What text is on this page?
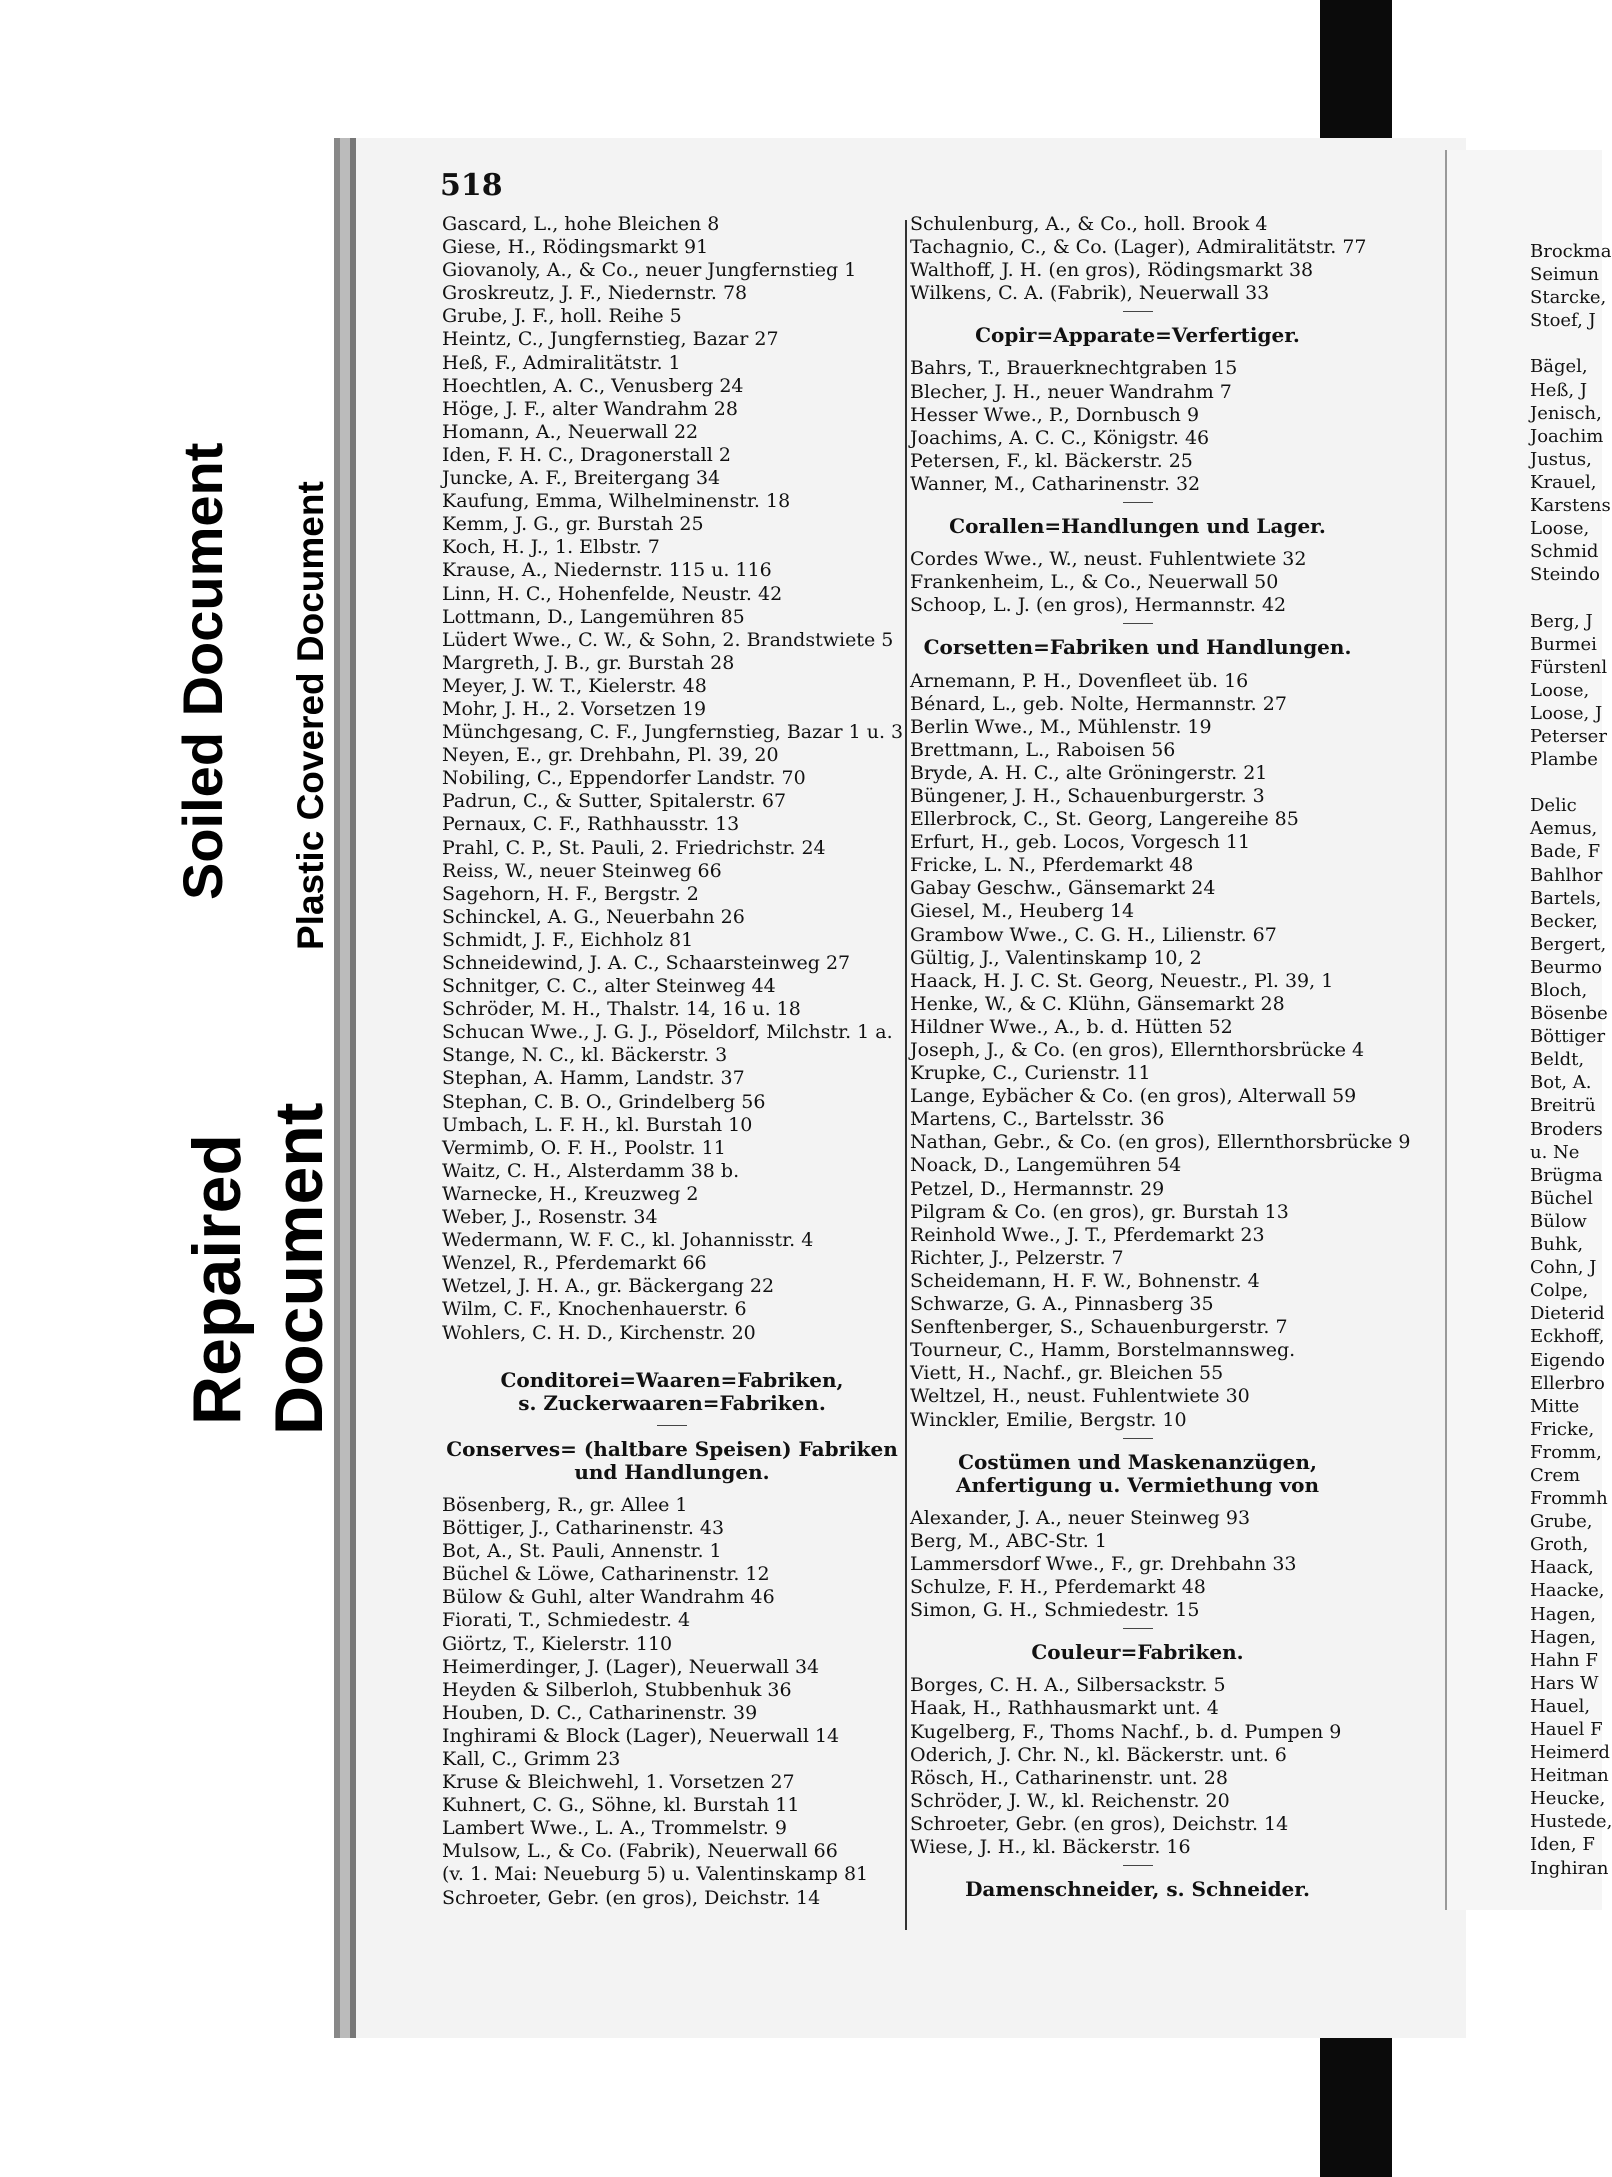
Soiled Document Plastic Covered Document
Repaired Document
Brockma
Seimun
Starcke,
Stoef, J

Bägel,
Heß, J
Jenisch,
Joachim
Justus,
Krauel,
Karstens
Loose,
Schmid
Steindo

Berg, J
Burmei
Fürstenl
Loose,
Loose, J
Peterser
Plambe

Delic
Aemus,
Bade, F
Bahlhor
Bartels,
Becker,
Bergert,
Beurmo
Bloch,
Bösenbe
Böttiger
Beldt,
Bot, A.
Breitrü
Broders
u. Ne
Brügma
Büchel
Bülow
Buhk,
Cohn, J
Colpe,
Dieterid
Eckhoff,
Eigendo
Ellerbro
Mitte
Fricke,
Fromm,
Crem
Frommh
Grube,
Groth,
Haack,
Haacke,
Hagen,
Hagen,
Hahn F
Hars W
Hauel,
Hauel F
Heimerd
Heitman
Heucke,
Hustede,
Iden, F
Inghiran
518
Gascard, L., hohe Bleichen 8
Giese, H., Rödingsmarkt 91
Giovanoly, A., & Co., neuer Jungfernstieg 1
Groskreutz, J. F., Niedernstr. 78
Grube, J. F., holl. Reihe 5
Heintz, C., Jungfernstieg, Bazar 27
Heß, F., Admiralitätstr. 1
Hoechtlen, A. C., Venusberg 24
Höge, J. F., alter Wandrahm 28
Homann, A., Neuerwall 22
Iden, F. H. C., Dragonerstall 2
Juncke, A. F., Breitergang 34
Kaufung, Emma, Wilhelminenstr. 18
Kemm, J. G., gr. Burstah 25
Koch, H. J., 1. Elbstr. 7
Krause, A., Niedernstr. 115 u. 116
Linn, H. C., Hohenfelde, Neustr. 42
Lottmann, D., Langemühren 85
Lüdert Wwe., C. W., & Sohn, 2. Brandstwiete 5
Margreth, J. B., gr. Burstah 28
Meyer, J. W. T., Kielerstr. 48
Mohr, J. H., 2. Vorsetzen 19
Münchgesang, C. F., Jungfernstieg, Bazar 1 u. 3
Neyen, E., gr. Drehbahn, Pl. 39, 20
Nobiling, C., Eppendorfer Landstr. 70
Padrun, C., & Sutter, Spitalerstr. 67
Pernaux, C. F., Rathhausstr. 13
Prahl, C. P., St. Pauli, 2. Friedrichstr. 24
Reiss, W., neuer Steinweg 66
Sagehorn, H. F., Bergstr. 2
Schinckel, A. G., Neuerbahn 26
Schmidt, J. F., Eichholz 81
Schneidewind, J. A. C., Schaarsteinweg 27
Schnitger, C. C., alter Steinweg 44
Schröder, M. H., Thalstr. 14, 16 u. 18
Schucan Wwe., J. G. J., Pöseldorf, Milchstr. 1 a.
Stange, N. C., kl. Bäckerstr. 3
Stephan, A. Hamm, Landstr. 37
Stephan, C. B. O., Grindelberg 56
Umbach, L. F. H., kl. Burstah 10
Vermimb, O. F. H., Poolstr. 11
Waitz, C. H., Alsterdamm 38 b.
Warnecke, H., Kreuzweg 2
Weber, J., Rosenstr. 34
Wedermann, W. F. C., kl. Johannisstr. 4
Wenzel, R., Pferdemarkt 66
Wetzel, J. H. A., gr. Bäckergang 22
Wilm, C. F., Knochenhauerstr. 6
Wohlers, C. H. D., Kirchenstr. 20
Conditorei=Waaren=Fabriken,
s. Zuckerwaaren=Fabriken.
Conserves= (haltbare Speisen) Fabriken
und Handlungen.
Bösenberg, R., gr. Allee 1
Böttiger, J., Catharinenstr. 43
Bot, A., St. Pauli, Annenstr. 1
Büchel & Löwe, Catharinenstr. 12
Bülow & Guhl, alter Wandrahm 46
Fiorati, T., Schmiedestr. 4
Giörtz, T., Kielerstr. 110
Heimerdinger, J. (Lager), Neuerwall 34
Heyden & Silberloh, Stubbenhuk 36
Houben, D. C., Catharinenstr. 39
Inghirami & Block (Lager), Neuerwall 14
Kall, C., Grimm 23
Kruse & Bleichwehl, 1. Vorsetzen 27
Kuhnert, C. G., Söhne, kl. Burstah 11
Lambert Wwe., L. A., Trommelstr. 9
Mulsow, L., & Co. (Fabrik), Neuerwall 66
(v. 1. Mai: Neueburg 5) u. Valentinskamp 81
Schroeter, Gebr. (en gros), Deichstr. 14
Schulenburg, A., & Co., holl. Brook 4
Tachagnio, C., & Co. (Lager), Admiralitätstr. 77
Walthoff, J. H. (en gros), Rödingsmarkt 38
Wilkens, C. A. (Fabrik), Neuerwall 33
Copir=Apparate=Verfertiger.
Bahrs, T., Brauerknechtgraben 15
Blecher, J. H., neuer Wandrahm 7
Hesser Wwe., P., Dornbusch 9
Joachims, A. C. C., Königstr. 46
Petersen, F., kl. Bäckerstr. 25
Wanner, M., Catharinenstr. 32
Corallen=Handlungen und Lager.
Cordes Wwe., W., neust. Fuhlentwiete 32
Frankenheim, L., & Co., Neuerwall 50
Schoop, L. J. (en gros), Hermannstr. 42
Corsetten=Fabriken und Handlungen.
Arnemann, P. H., Dovenfleet üb. 16
Bénard, L., geb. Nolte, Hermannstr. 27
Berlin Wwe., M., Mühlenstr. 19
Brettmann, L., Raboisen 56
Bryde, A. H. C., alte Gröningerstr. 21
Büngener, J. H., Schauenburgerstr. 3
Ellerbrock, C., St. Georg, Langereihe 85
Erfurt, H., geb. Locos, Vorgesch 11
Fricke, L. N., Pferdemarkt 48
Gabay Geschw., Gänsemarkt 24
Giesel, M., Heuberg 14
Grambow Wwe., C. G. H., Lilienstr. 67
Gültig, J., Valentinskamp 10, 2
Haack, H. J. C. St. Georg, Neuestr., Pl. 39, 1
Henke, W., & C. Klühn, Gänsemarkt 28
Hildner Wwe., A., b. d. Hütten 52
Joseph, J., & Co. (en gros), Ellernthorsbrücke 4
Krupke, C., Curienstr. 11
Lange, Eybächer & Co. (en gros), Alterwall 59
Martens, C., Bartelsstr. 36
Nathan, Gebr., & Co. (en gros), Ellernthorsbrücke 9
Noack, D., Langemühren 54
Petzel, D., Hermannstr. 29
Pilgram & Co. (en gros), gr. Burstah 13
Reinhold Wwe., J. T., Pferdemarkt 23
Richter, J., Pelzerstr. 7
Scheidemann, H. F. W., Bohnenstr. 4
Schwarze, G. A., Pinnasberg 35
Senftenberger, S., Schauenburgerstr. 7
Tourneur, C., Hamm, Borstelmannsweg.
Viett, H., Nachf., gr. Bleichen 55
Weltzel, H., neust. Fuhlentwiete 30
Winckler, Emilie, Bergstr. 10
Costümen und Maskenanzügen,
Anfertigung u. Vermiethung von
Alexander, J. A., neuer Steinweg 93
Berg, M., ABC-Str. 1
Lammersdorf Wwe., F., gr. Drehbahn 33
Schulze, F. H., Pferdemarkt 48
Simon, G. H., Schmiedestr. 15
Couleur=Fabriken.
Borges, C. H. A., Silbersackstr. 5
Haak, H., Rathhausmarkt unt. 4
Kugelberg, F., Thoms Nachf., b. d. Pumpen 9
Oderich, J. Chr. N., kl. Bäckerstr. unt. 6
Rösch, H., Catharinenstr. unt. 28
Schröder, J. W., kl. Reichenstr. 20
Schroeter, Gebr. (en gros), Deichstr. 14
Wiese, J. H., kl. Bäckerstr. 16
Damenschneider, s. Schneider.
